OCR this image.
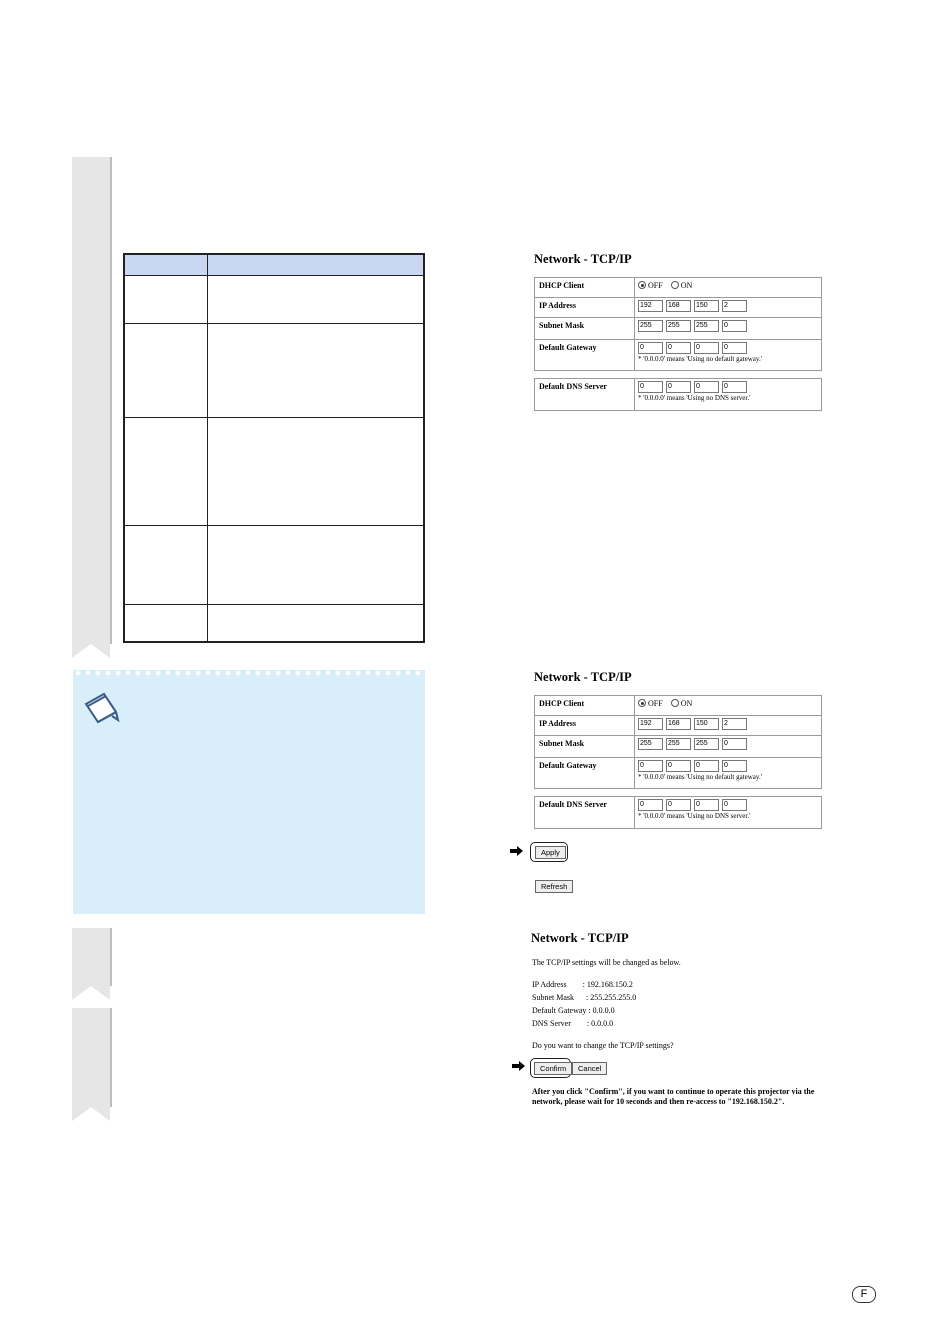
Network - TCP/IP
DHCP Client	OFF ON
IP Address	192 168 150 2
Subnet Mask	255 255 255 0
Default Gateway	0	0	0	0
* '0.0.0.0' means 'Using no default gateway.'
Default DNS Server	0	0	0	0
* '0.0.0.0' means 'Using no DNS server.'
Network - TCP/IP
DHCP Client	OFF ON
IP Address	192 168 150 2
Subnet Mask	255 255 255 0
Default Gateway	0	0	0	0
* '0.0.0.0' means 'Using no default gateway.'
Default DNS Server	0	0	0	0
* '0.0.0.0' means 'Using no DNS server.'
Apply
Refresh
Network - TCP/IP
The TCP/IP settings will be changed as below.
IP Address        : 192.168.150.2
Subnet Mask      : 255.255.255.0
Default Gateway : 0.0.0.0
DNS Server        : 0.0.0.0
Do you want to change the TCP/IP settings?
Confirm	Cancel
After you click "Confirm", if you want to continue to operate this projector via the network, please wait for 10 seconds and then re-access to "192.168.150.2".
F
